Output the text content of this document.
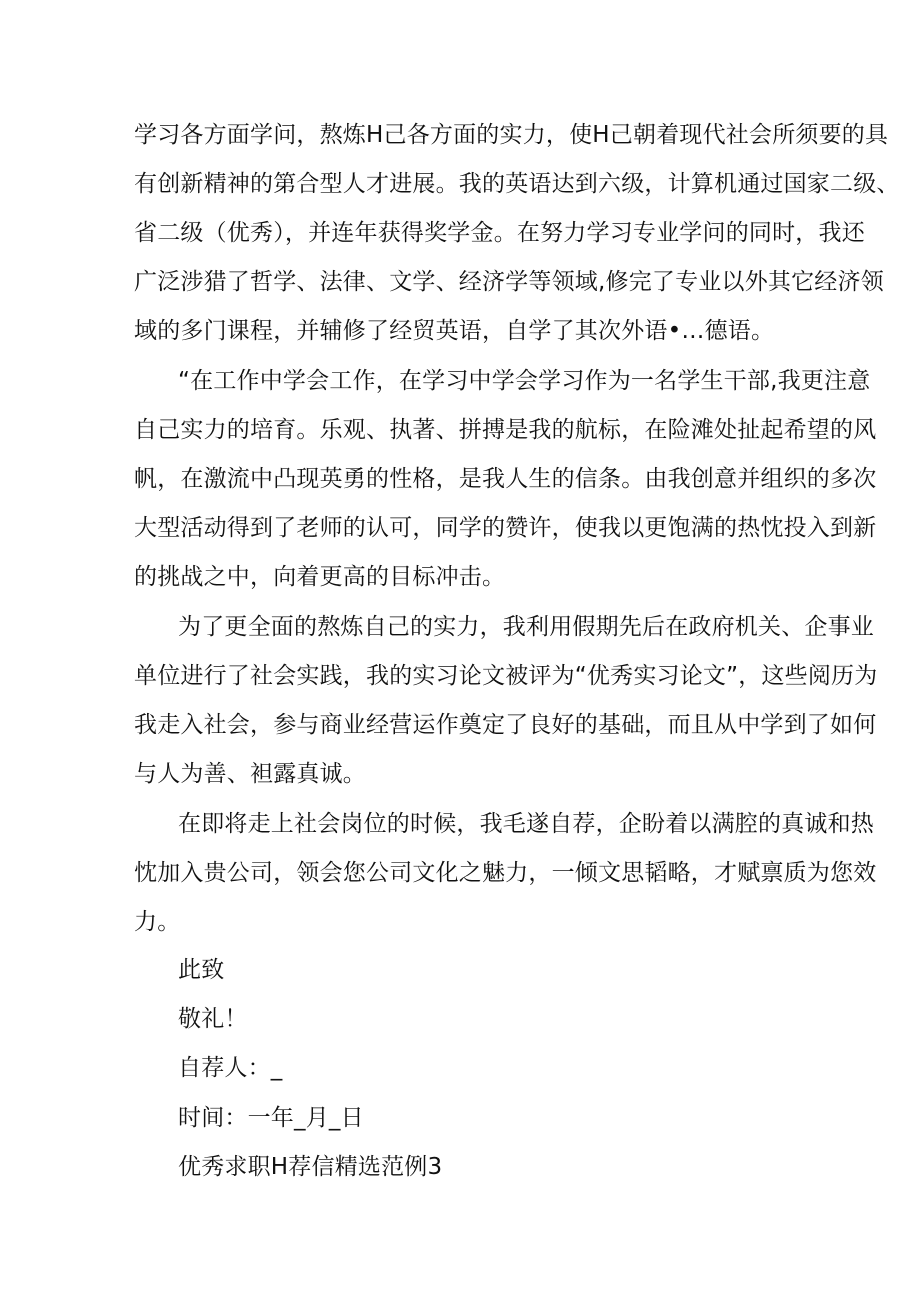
学习各方面学问，熬炼H己各方面的实力，使H己朝着现代社会所须要的具
有创新精神的第合型人才进展。我的英语达到六级，计算机通过国家二级、
省二级（优秀），并连年获得奖学金。在努力学习专业学问的同时，我还
广泛涉猎了哲学、法律、文学、经济学等领域,修完了专业以外其它经济领
域的多门课程，并辅修了经贸英语，自学了其次外语•…德语。
“在工作中学会工作，在学习中学会学习作为一名学生干部,我更注意
自己实力的培育。乐观、执著、拼搏是我的航标，在险滩处扯起希望的风
帆，在激流中凸现英勇的性格，是我人生的信条。由我创意并组织的多次
大型活动得到了老师的认可，同学的赞许，使我以更饱满的热忱投入到新
的挑战之中，向着更高的目标冲击。
为了更全面的熬炼自己的实力，我利用假期先后在政府机关、企事业
单位进行了社会实践，我的实习论文被评为“优秀实习论文”，这些阅历为
我走入社会，参与商业经营运作奠定了良好的基础，而且从中学到了如何
与人为善、袒露真诚。
在即将走上社会岗位的时候，我毛遂自荐，企盼着以满腔的真诚和热
忱加入贵公司，领会您公司文化之魅力，一倾文思韬略，才赋禀质为您效
力。
此致
敬礼！
自荐人：_
时间：一年_月_日
优秀求职H荐信精选范例3
